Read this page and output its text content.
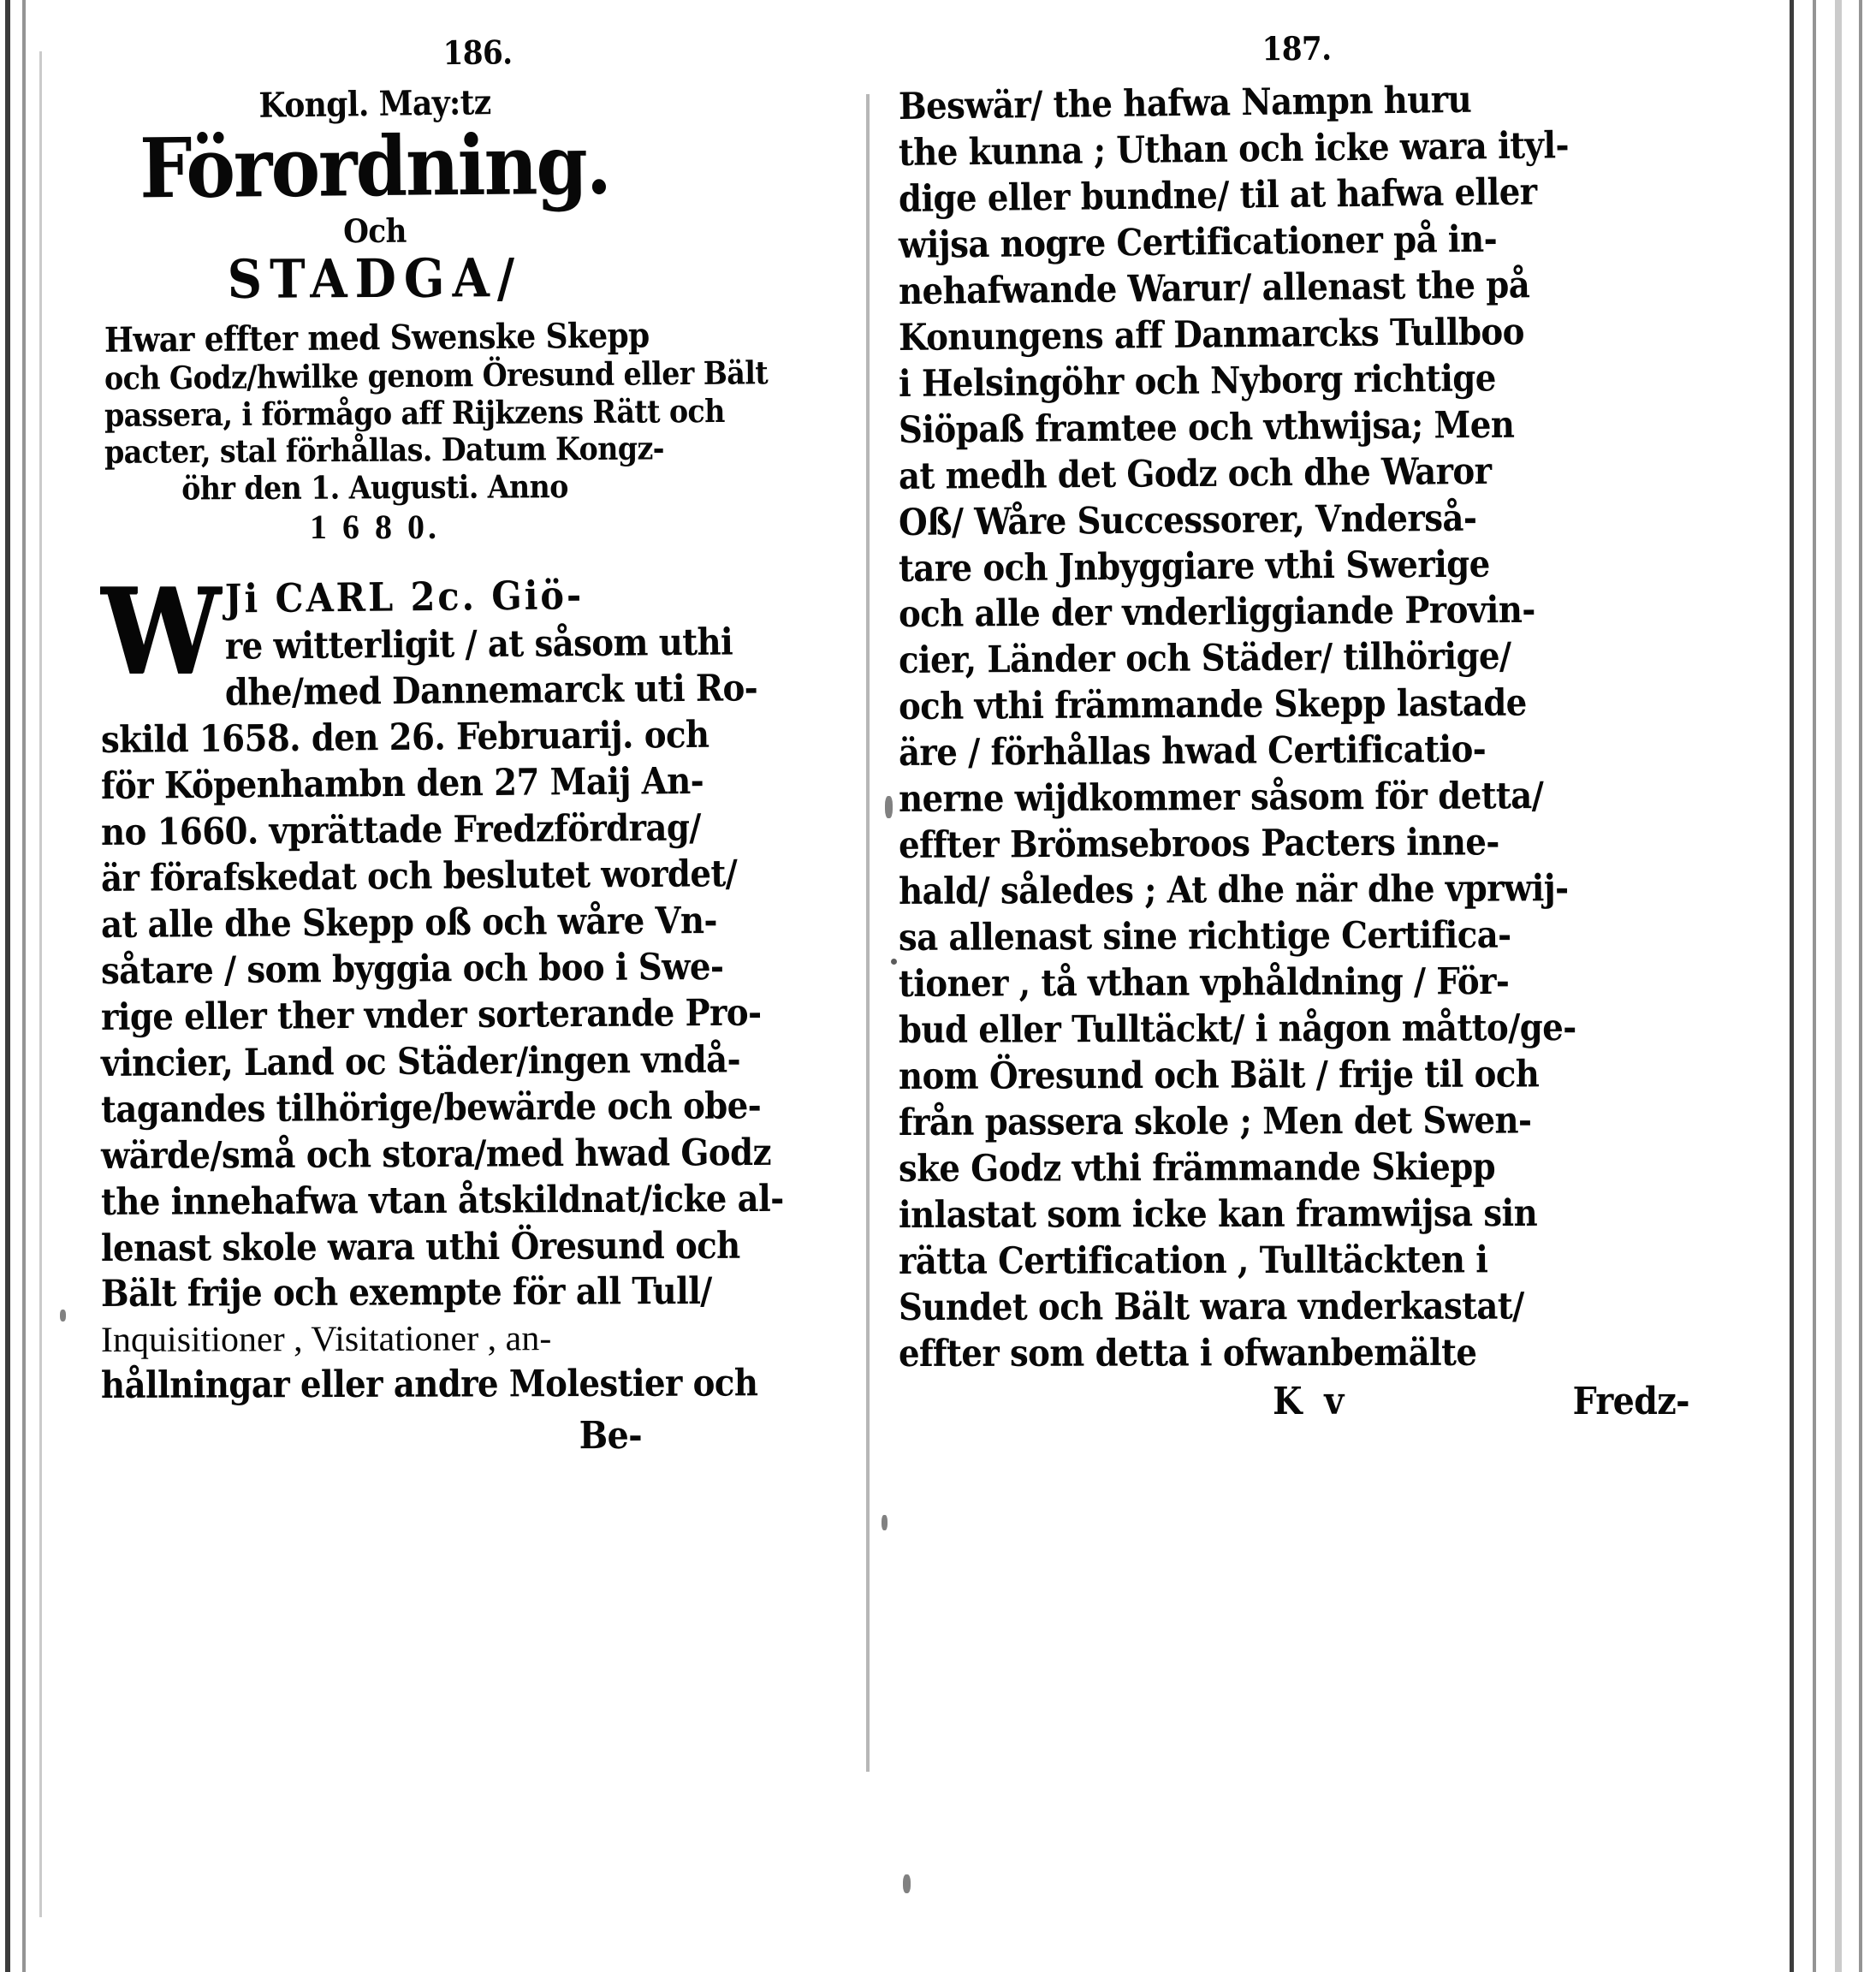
186.
Kongl. May:tz
Förordning.
Och
STADGA/
Hwar effter med Swenske Skepp
och Godz/hwilke genom Öresund eller Bält
passera, i förmågo aff Rijkzens Rätt och
pacter, stal förhållas. Datum Kongz-
öhr den 1. Augusti. Anno
1 6 8 0.
W Ji CARL 2c. Giö-
re witterligit / at såsom uthi
dhe/med Dannemarck uti Ro-
skild 1658. den 26. Februarij. och
för Köpenhambn den 27 Maij An-
no 1660. vprättade Fredzfördrag/
är förafskedat och beslutet wordet/
at alle dhe Skepp oß och wåre Vn-
såtare / som byggia och boo i Swe-
rige eller ther vnder sorterande Pro-
vincier, Land oc Städer/ingen vndå-
tagandes tilhörige/bewärde och obe-
wärde/små och stora/med hwad Godz
the innehafwa vtan åtskildnat/icke al-
lenast skole wara uthi Öresund och
Bält frije och exempte för all Tull/
Inquisitioner , Visitationer , an-
hållningar eller andre Molestier och
Be-
187.
Beswär/ the hafwa Nampn huru
the kunna ; Uthan och icke wara ityl-
dige eller bundne/ til at hafwa eller
wijsa nogre Certificationer på in-
nehafwande Warur/ allenast the på
Konungens aff Danmarcks Tullboo
i Helsingöhr och Nyborg richtige
Siöpaß framtee och vthwijsa; Men
at medh det Godz och dhe Waror
Oß/ Wåre Successorer, Vnderså-
tare och Jnbyggiare vthi Swerige
och alle der vnderliggiande Provin-
cier, Länder och Städer/ tilhörige/
och vthi främmande Skepp lastade
äre / förhållas hwad Certificatio-
nerne wijdkommer såsom för detta/
effter Brömsebroos Pacters inne-
hald/ således ; At dhe när dhe vprwij-
sa allenast sine richtige Certifica-
tioner , tå vthan vphåldning / För-
bud eller Tulltäckt/ i någon måtto/ge-
nom Öresund och Bält / frije til och
från passera skole ; Men det Swen-
ske Godz vthi främmande Skiepp
inlastat som icke kan framwijsa sin
rätta Certification , Tulltäckten i
Sundet och Bält wara vnderkastat/
effter som detta i ofwanbemälte
K v	Fredz-
